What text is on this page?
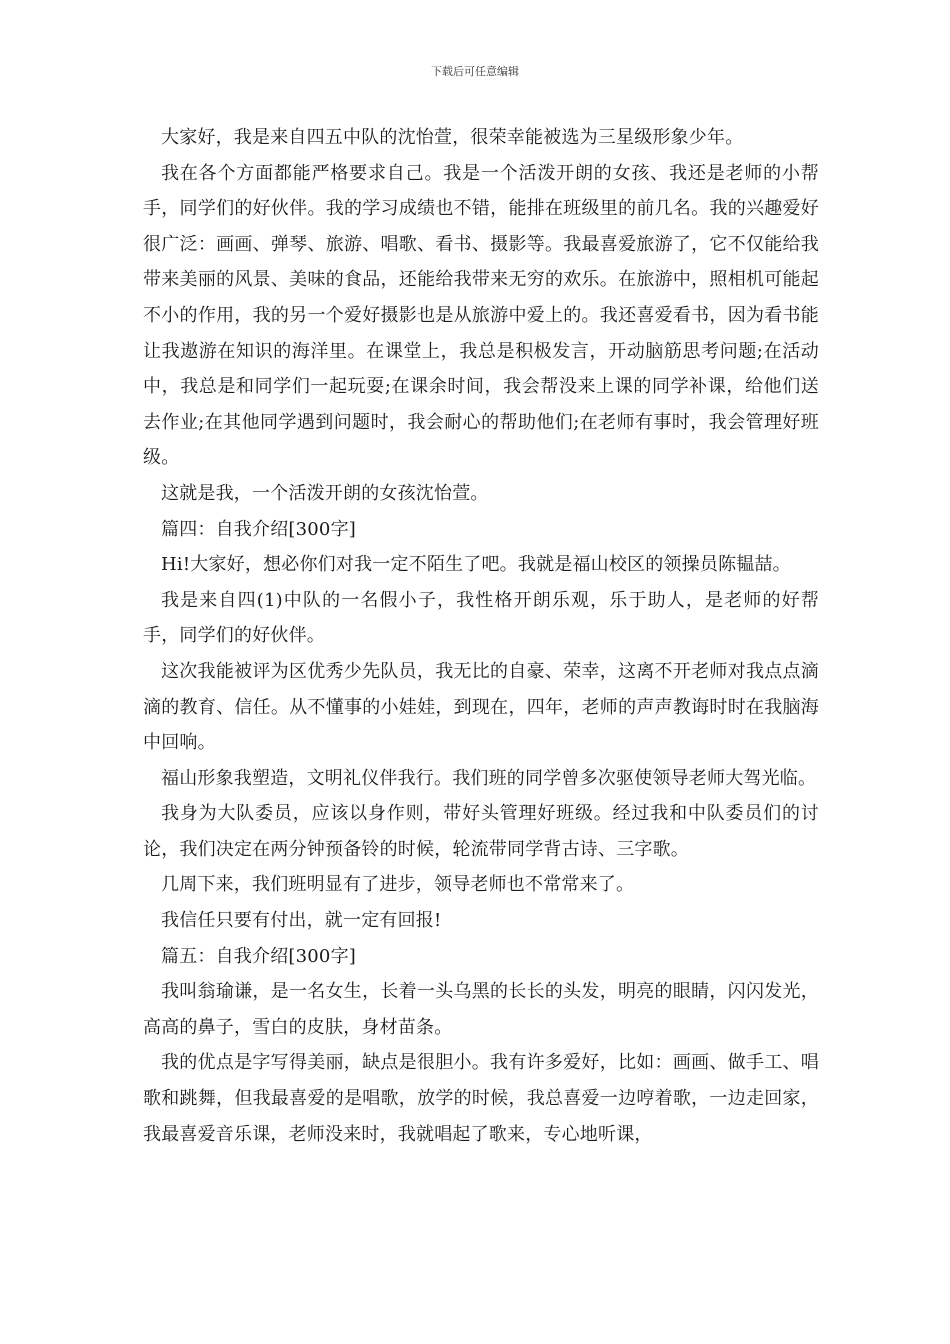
下载后可任意编辑

大家好，我是来自四五中队的沈怡萱，很荣幸能被选为三星级形象少年。

我在各个方面都能严格要求自己。我是一个活泼开朗的女孩、我还是老师的小帮手，同学们的好伙伴。我的学习成绩也不错，能排在班级里的前几名。我的兴趣爱好很广泛：画画、弹琴、旅游、唱歌、看书、摄影等。我最喜爱旅游了，它不仅能给我带来美丽的风景、美味的食品，还能给我带来无穷的欢乐。在旅游中，照相机可能起不小的作用，我的另一个爱好摄影也是从旅游中爱上的。我还喜爱看书，因为看书能让我遨游在知识的海洋里。在课堂上，我总是积极发言，开动脑筋思考问题;在活动中，我总是和同学们一起玩耍;在课余时间，我会帮没来上课的同学补课，给他们送去作业;在其他同学遇到问题时，我会耐心的帮助他们;在老师有事时，我会管理好班级。

这就是我，一个活泼开朗的女孩沈怡萱。

篇四：自我介绍[300字]

Hi!大家好，想必你们对我一定不陌生了吧。我就是福山校区的领操员陈韫喆。

我是来自四(1)中队的一名假小子，我性格开朗乐观，乐于助人，是老师的好帮手，同学们的好伙伴。

这次我能被评为区优秀少先队员，我无比的自豪、荣幸，这离不开老师对我点点滴滴的教育、信任。从不懂事的小娃娃，到现在，四年，老师的声声教诲时时在我脑海中回响。

福山形象我塑造，文明礼仪伴我行。我们班的同学曾多次驱使领导老师大驾光临。

我身为大队委员，应该以身作则，带好头管理好班级。经过我和中队委员们的讨论，我们决定在两分钟预备铃的时候，轮流带同学背古诗、三字歌。

几周下来，我们班明显有了进步，领导老师也不常常来了。

我信任只要有付出，就一定有回报!

篇五：自我介绍[300字]

我叫翁瑜谦，是一名女生，长着一头乌黑的长长的头发，明亮的眼睛，闪闪发光，高高的鼻子，雪白的皮肤，身材苗条。

我的优点是字写得美丽，缺点是很胆小。我有许多爱好，比如：画画、做手工、唱歌和跳舞，但我最喜爱的是唱歌，放学的时候，我总喜爱一边哼着歌，一边走回家，我最喜爱音乐课，老师没来时，我就唱起了歌来，专心地听课，
